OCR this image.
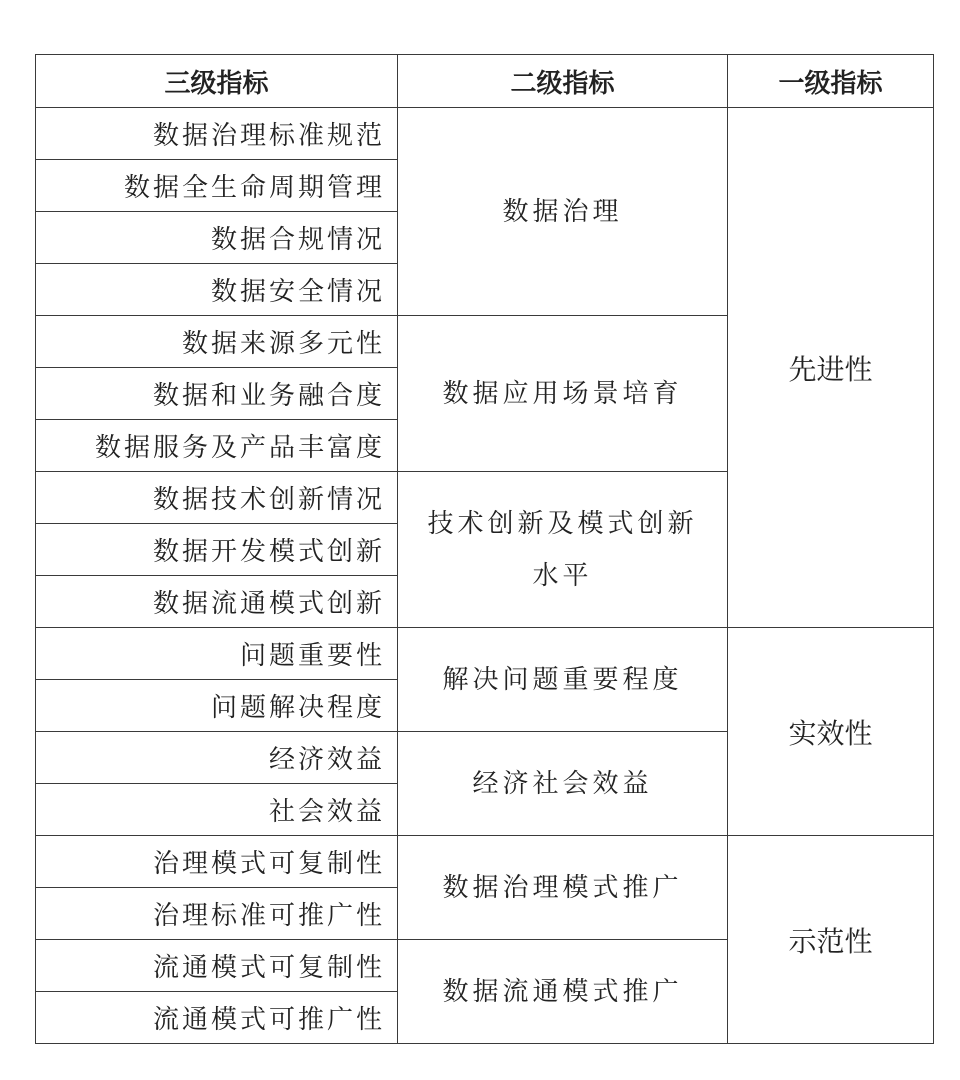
三级指标	二级指标	一级指标
数据治理标准规范	数据治理	先进性
数据全生命周期管理		
数据合规情况		
数据安全情况		
数据来源多元性	数据应用场景培育	
数据和业务融合度		
数据服务及产品丰富度		
数据技术创新情况	技术创新及模式创新水平	
数据开发模式创新		
数据流通模式创新		
问题重要性	解决问题重要程度	实效性
问题解决程度		
经济效益	经济社会效益	
社会效益		
治理模式可复制性	数据治理模式推广	示范性
治理标准可推广性		
流通模式可复制性	数据流通模式推广	
流通模式可推广性		
